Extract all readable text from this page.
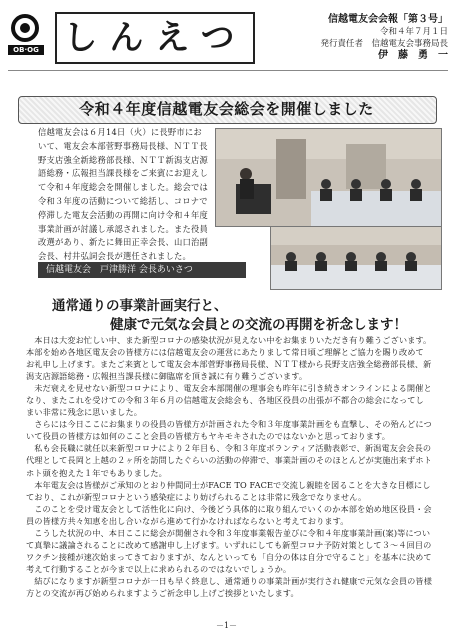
OB·OG しんえつ	信越電友会会報「第３号」
令和４年７月１日
発行責任者　信越電友会事務局長
伊　藤　勇　一
令和４年度信越電友会総会を開催しました
信越電友会は６月14日（火）に長野市において、電友会本部菅野事務局長様、ＮＴＴ長野支店強全新総務部長様、ＮＴＴ新潟支店源語総務・広報担当課長様をご来賓にお迎えして令和４年度総会を開催しました。総会では令和３年度の活動について総括し、コロナで停滞した電友会活動の再開に向け令和４年度事業計画が討議し承認されました。また役員改選があり、新たに舞田正幸会長、山口治副会長、村井弘詞会長が選任されました。
信越電友会　戸津勝洋 会長あいさつ
通常通りの事業計画実行と、
健康で元気な会員との交流の再開を祈念します！

本日は大変お忙しい中、また新型コロナの感染状況が見えない中をお集まりいただき有り難うございます。本部を始め各地区電友会の皆様方には信越電友会の運営にあたりまして常日頃ご理解とご協力を賜り改めてお礼申し上げます。またご来賓として電友会本部菅野事務局長様、ＮＴＴ様から長野支店強全総務部長様、新潟支店源語総務・広報担当課長様に御臨席を頂き誠に有り難うございます。

未だ衰えを見せない新型コロナにより、電友会本部開催の理事会も昨年に引き続きオンラインによる開催となり、またこれを受けての令和３年６月の信越電友会総会も、各地区役員の出張が不都合の総会になってしまい非常に残念に思いました。

さらには今日ここにお集まりの役員の皆様方が計画された令和３年度事業計画をも直撃し、その殆んどについて役員の皆様方は如何のここと会員の皆様方もヤキモキされたのではないかと思っております。

私も会長職に就任以来新型コロナにより２年目も、令和３年度ボランティア活動表彰で、新潟電友会会長の代理として長岡と上越の２ヶ所を訪問したぐらいの活動の停滞で、事業計画のそのほとんどが実施出来ずホトホト頭を抱えた１年でもありました。

本年電友会は皆様がご承知のとおり仲間同士がFACE TO FACEで交流し親睦を図ることを大きな目標にしており、これが新型コロナという感染症により妨げられることは非常に残念でなりません。

このことを受け電友会として活性化に向け、今後どう具体的に取り組んでいくのか本部を始め地区役員・会員の皆様方共々知恵を出し合いながら進めて行かなければならないと考えております。

こうした状況の中、本日ここに総会が開催され令和３年度事業報告並びに令和４年度事業計画(案)等について真摯に議論されることに改めて感謝申し上げます。いずれにしても新型コロナ予防対策として３～４回目のワクチン接種が速次始まってきておりますが、なんといっても「自分の体は自分で守ること」を基本に決めて考えて行動することが今まで以上に求められるのではないでしょうか。

結びになりますが新型コロナが一日も早く終息し、通常通りの事業計画が実行され健康で元気な会員の皆様方との交流が再び始められますようご祈念申し上げご挨拶といたします。

－1－
